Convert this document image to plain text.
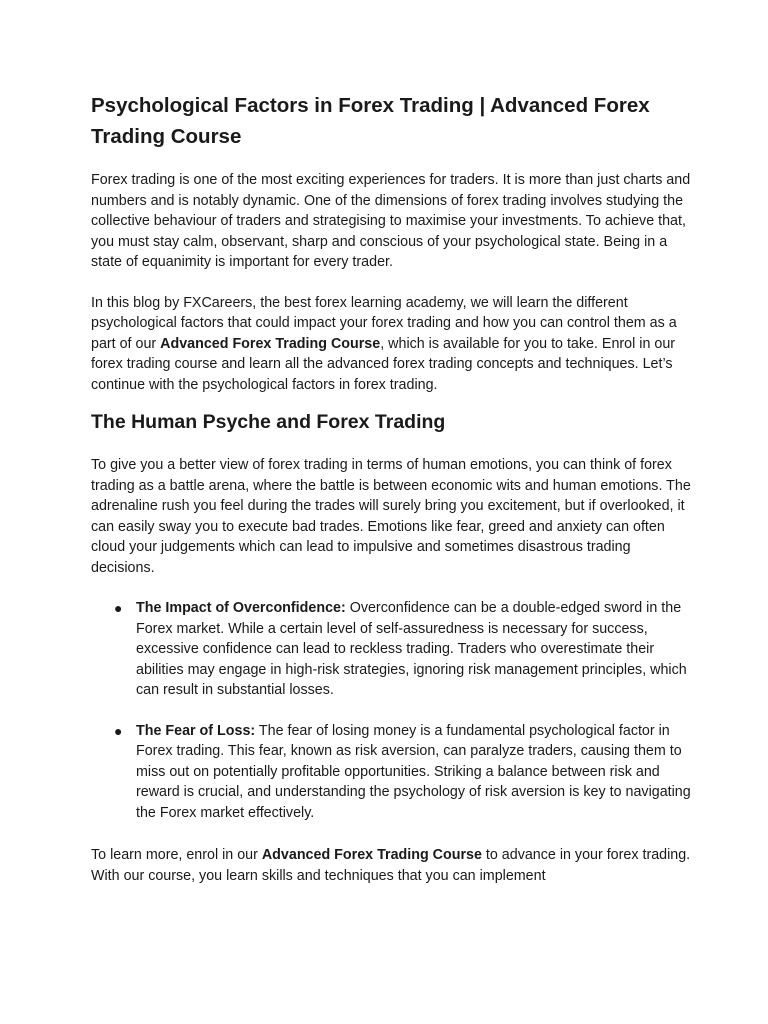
Psychological Factors in Forex Trading | Advanced Forex Trading Course

Forex trading is one of the most exciting experiences for traders. It is more than just charts and numbers and is notably dynamic. One of the dimensions of forex trading involves studying the collective behaviour of traders and strategising to maximise your investments. To achieve that, you must stay calm, observant, sharp and conscious of your psychological state. Being in a state of equanimity is important for every trader.

In this blog by FXCareers, the best forex learning academy, we will learn the different psychological factors that could impact your forex trading and how you can control them as a part of our Advanced Forex Trading Course, which is available for you to take. Enrol in our forex trading course and learn all the advanced forex trading concepts and techniques. Let’s continue with the psychological factors in forex trading.

The Human Psyche and Forex Trading

To give you a better view of forex trading in terms of human emotions, you can think of forex trading as a battle arena, where the battle is between economic wits and human emotions. The adrenaline rush you feel during the trades will surely bring you excitement, but if overlooked, it can easily sway you to execute bad trades. Emotions like fear, greed and anxiety can often cloud your judgements which can lead to impulsive and sometimes disastrous trading decisions.

● The Impact of Overconfidence: Overconfidence can be a double-edged sword in the Forex market. While a certain level of self-assuredness is necessary for success, excessive confidence can lead to reckless trading. Traders who overestimate their abilities may engage in high-risk strategies, ignoring risk management principles, which can result in substantial losses.
● The Fear of Loss: The fear of losing money is a fundamental psychological factor in Forex trading. This fear, known as risk aversion, can paralyze traders, causing them to miss out on potentially profitable opportunities. Striking a balance between risk and reward is crucial, and understanding the psychology of risk aversion is key to navigating the Forex market effectively.

To learn more, enrol in our Advanced Forex Trading Course to advance in your forex trading. With our course, you learn skills and techniques that you can implement
